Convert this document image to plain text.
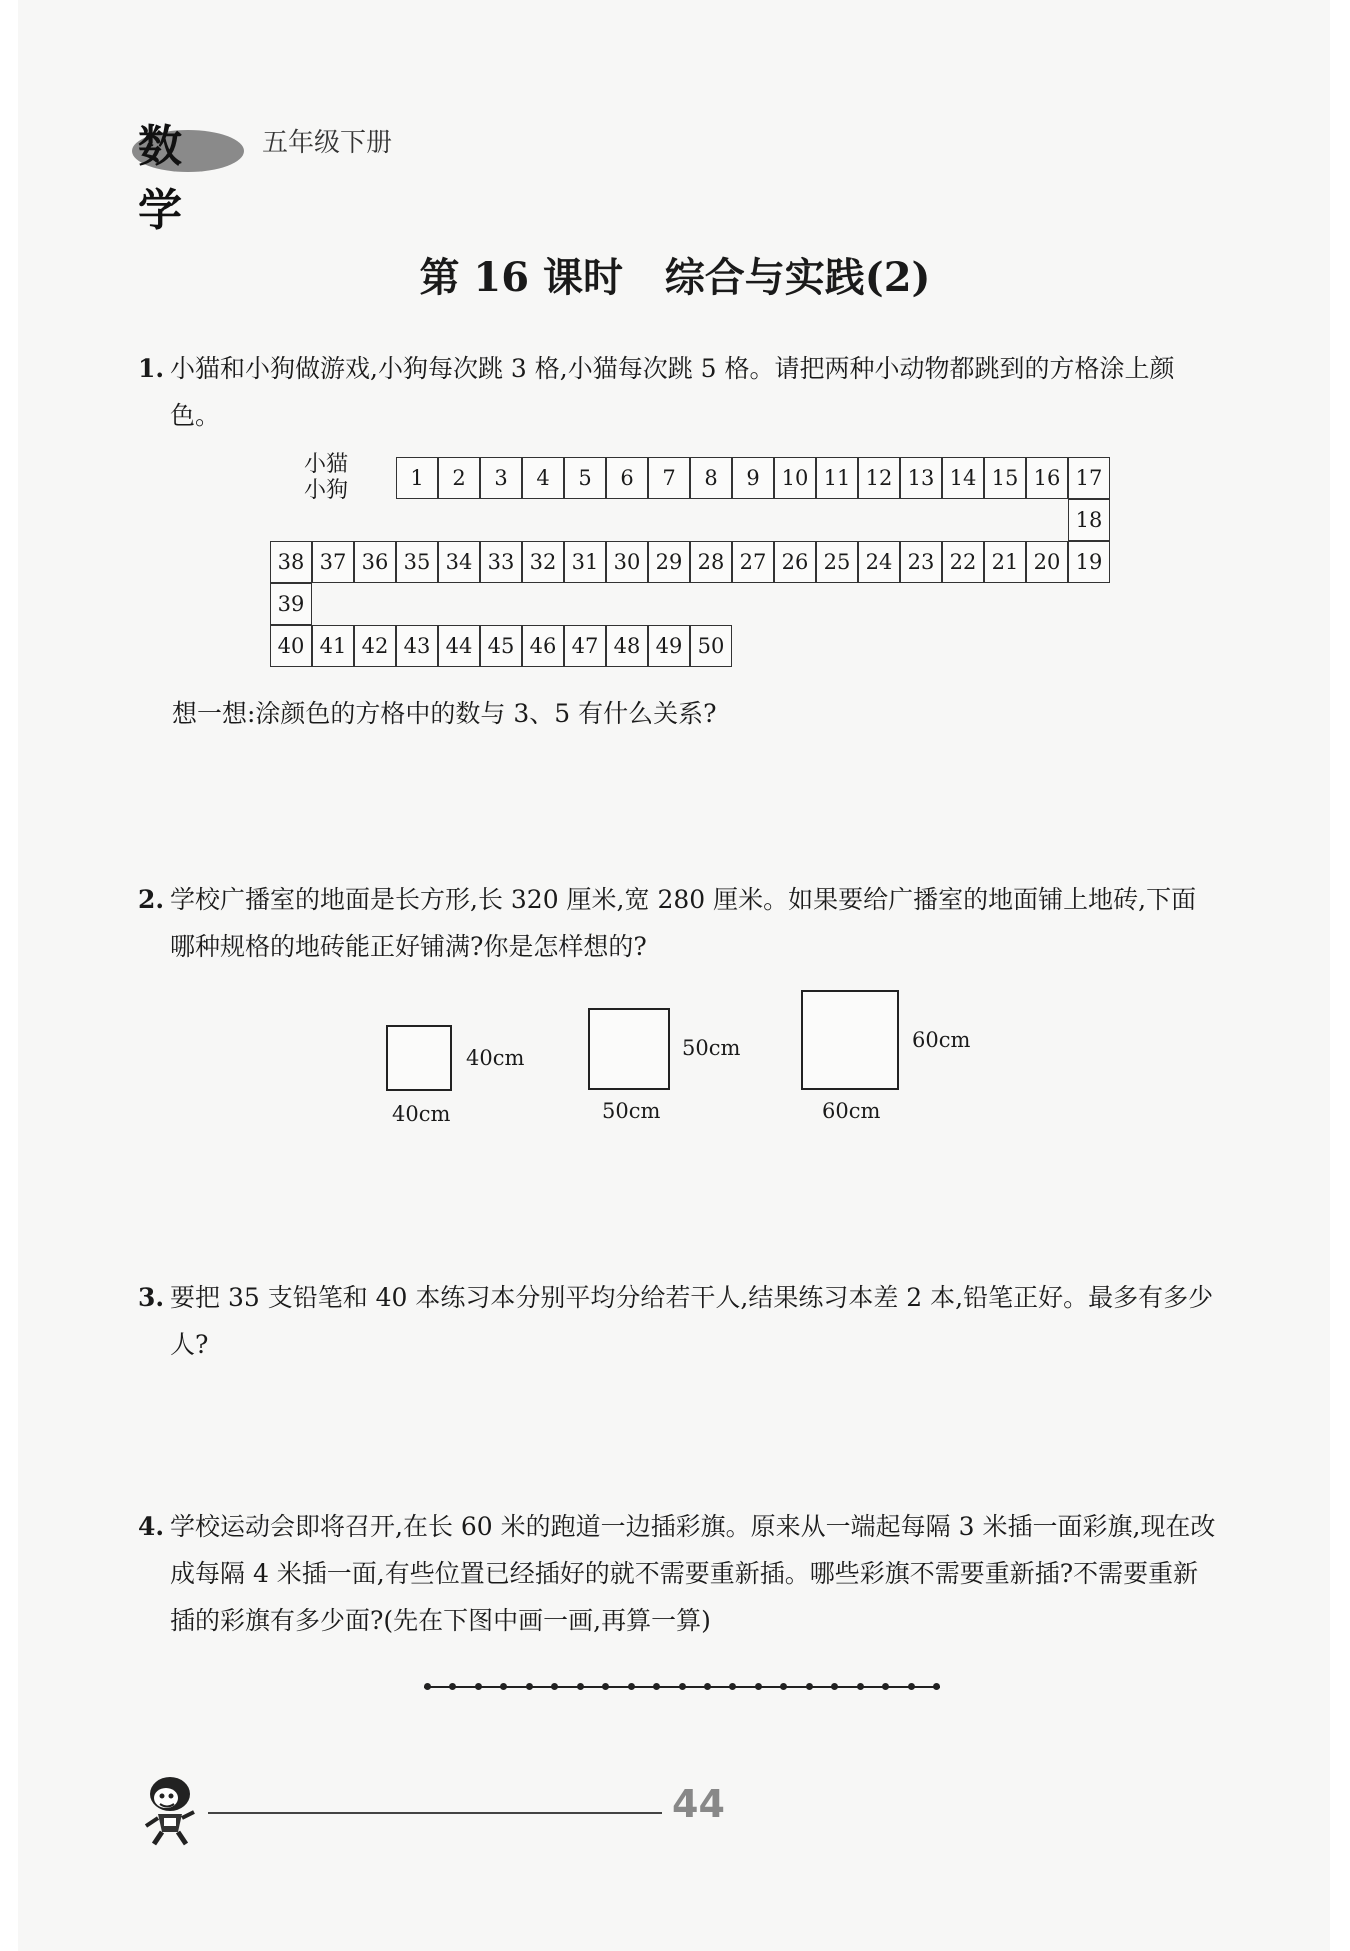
数学
五年级下册
第 16 课时   综合与实践(2)
1. 小猫和小狗做游戏,小狗每次跳 3 格,小猫每次跳 5 格。请把两种小动物都跳到的方格涂上颜色。
小猫
小狗	1	2	3	4	5	6	7	8	9	10 11 12 13 14 15 16 17
18
19
20
21
22
23
24
25
26
27
28
29
30
31
32
33
34
35
36
37
38
39
40 41 42 43 44 45 46 47 48 49 50
想一想:涂颜色的方格中的数与 3、5 有什么关系?
2. 学校广播室的地面是长方形,长 320 厘米,宽 280 厘米。如果要给广播室的地面铺上地砖,下面哪种规格的地砖能正好铺满?你是怎样想的?
40cm
40cm
50cm
50cm
60cm
60cm
3. 要把 35 支铅笔和 40 本练习本分别平均分给若干人,结果练习本差 2 本,铅笔正好。最多有多少人?
4. 学校运动会即将召开,在长 60 米的跑道一边插彩旗。原来从一端起每隔 3 米插一面彩旗,现在改成每隔 4 米插一面,有些位置已经插好的就不需要重新插。哪些彩旗不需要重新插?不需要重新插的彩旗有多少面?(先在下图中画一画,再算一算)
44
